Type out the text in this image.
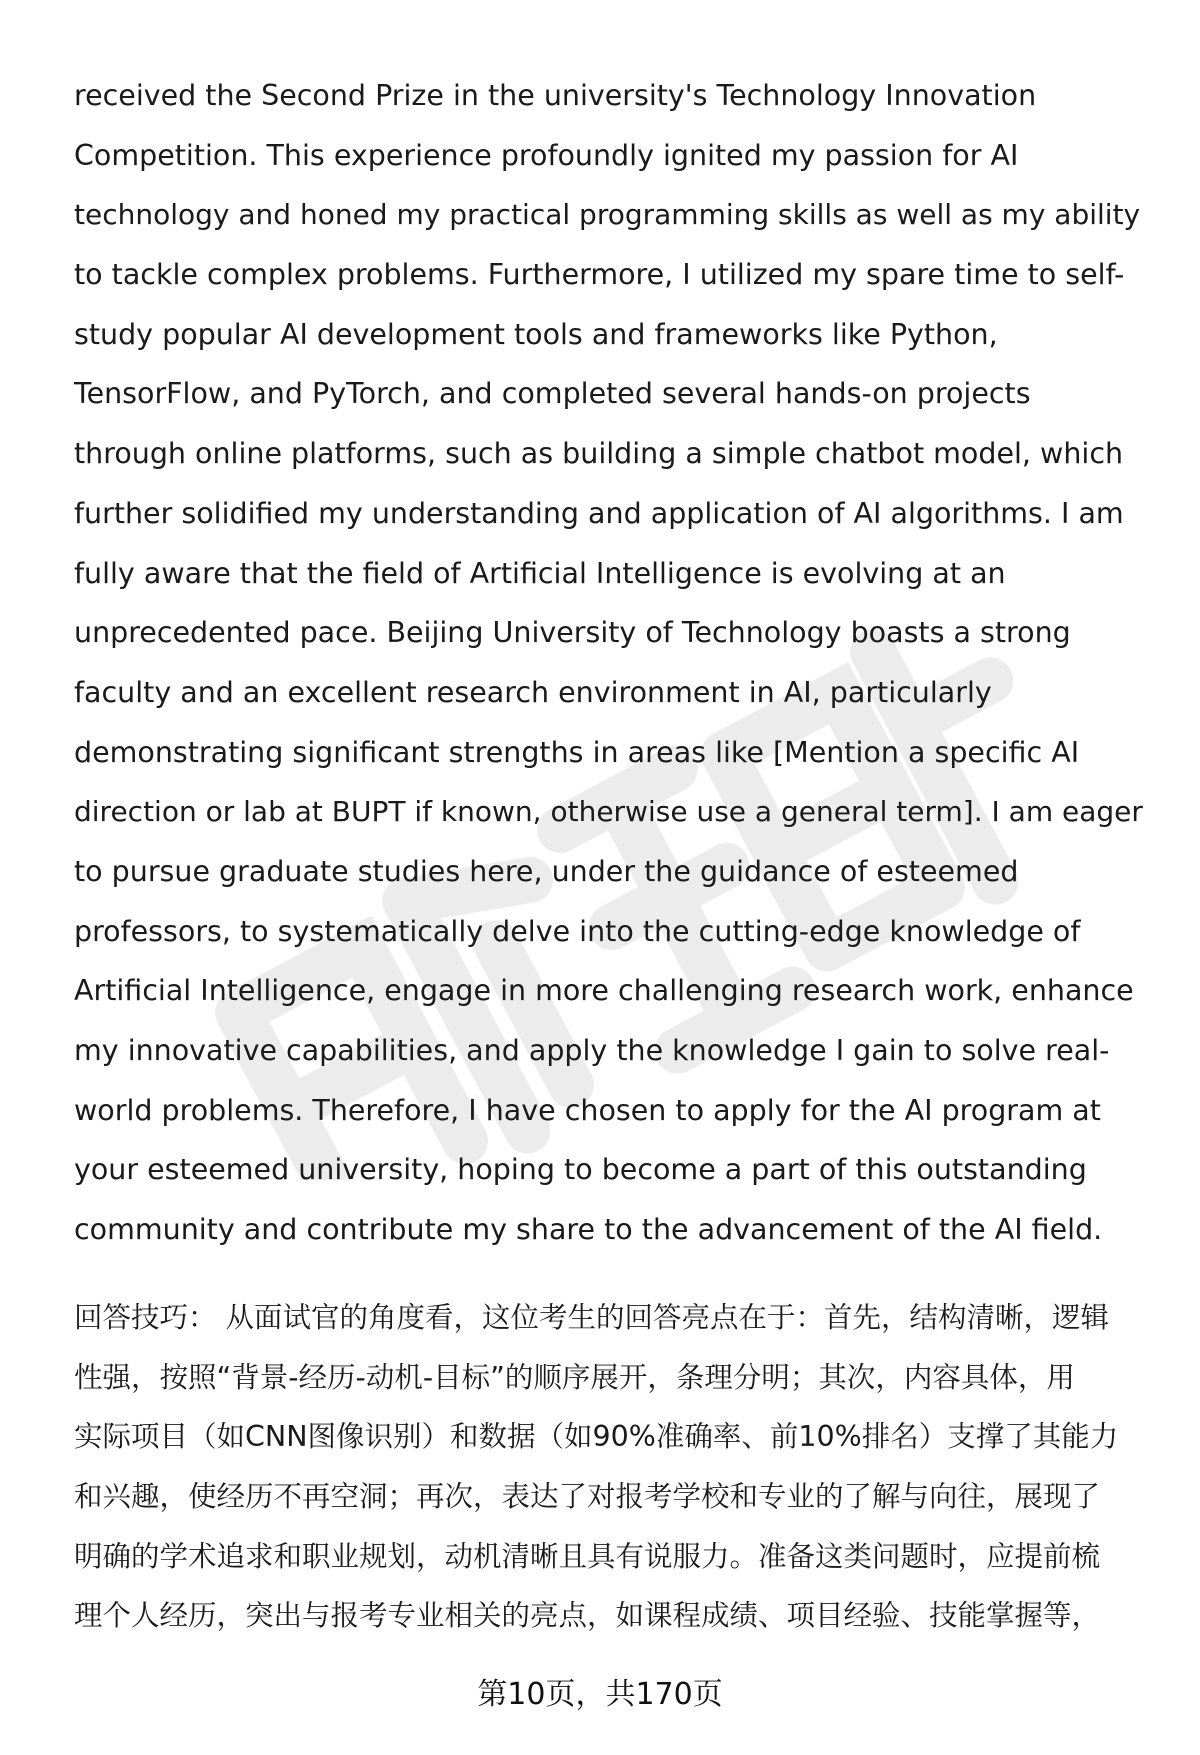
received the Second Prize in the university's Technology Innovation
Competition. This experience profoundly ignited my passion for AI
technology and honed my practical programming skills as well as my ability
to tackle complex problems. Furthermore, I utilized my spare time to self-
study popular AI development tools and frameworks like Python,
TensorFlow, and PyTorch, and completed several hands-on projects
through online platforms, such as building a simple chatbot model, which
further solidified my understanding and application of AI algorithms. I am
fully aware that the field of Artificial Intelligence is evolving at an
unprecedented pace. Beijing University of Technology boasts a strong
faculty and an excellent research environment in AI, particularly
demonstrating significant strengths in areas like [Mention a specific AI
direction or lab at BUPT if known, otherwise use a general term]. I am eager
to pursue graduate studies here, under the guidance of esteemed
professors, to systematically delve into the cutting-edge knowledge of
Artificial Intelligence, engage in more challenging research work, enhance
my innovative capabilities, and apply the knowledge I gain to solve real-
world problems. Therefore, I have chosen to apply for the AI program at
your esteemed university, hoping to become a part of this outstanding
community and contribute my share to the advancement of the AI field.
回答技巧： 从面试官的角度看，这位考生的回答亮点在于：首先，结构清晰，逻辑
性强，按照“背景-经历-动机-目标”的顺序展开，条理分明；其次，内容具体，用
实际项目（如CNN图像识别）和数据（如90%准确率、前10%排名）支撑了其能力
和兴趣，使经历不再空洞；再次，表达了对报考学校和专业的了解与向往，展现了
明确的学术追求和职业规划，动机清晰且具有说服力。准备这类问题时，应提前梳
理个人经历，突出与报考专业相关的亮点，如课程成绩、项目经验、技能掌握等，
第10页，共170页
